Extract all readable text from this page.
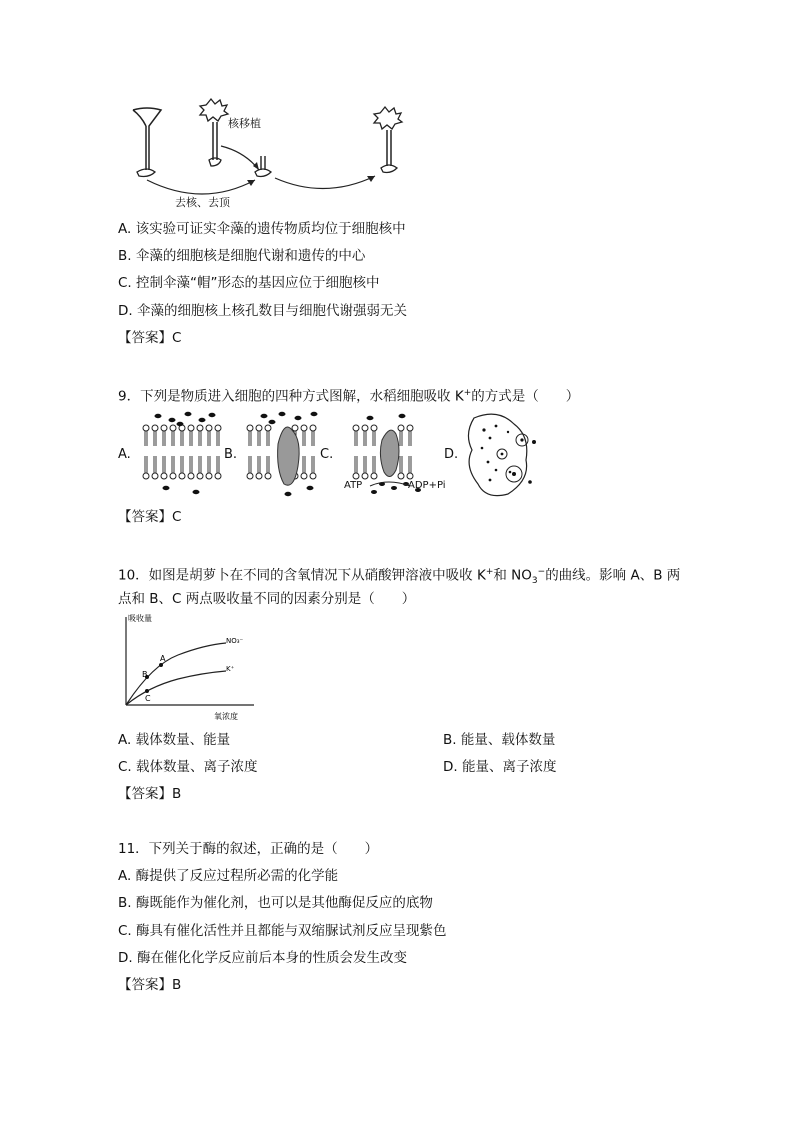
核移植
去核、去顶
A. 该实验可证实伞藻的遗传物质均位于细胞核中
B. 伞藻的细胞核是细胞代谢和遗传的中心
C. 控制伞藻“帽”形态的基因应位于细胞核中
D. 伞藻的细胞核上核孔数目与细胞代谢强弱无关
【答案】C
9．下列是物质进入细胞的四种方式图解，水稻细胞吸收 K+的方式是（　　）
A.	B.	C.	D.
ATP	ADP+Pi
【答案】C
10．如图是胡萝卜在不同的含氧情况下从硝酸钾溶液中吸收 K+和 $NO_3^-$的曲线。影响 A、B 两
点和 B、C 两点吸收量不同的因素分别是（　　）
吸收量
氧浓度
NO₃⁻
K⁺
A
B
C
A. 载体数量、能量	B. 能量、载体数量
C. 载体数量、离子浓度	D. 能量、离子浓度
【答案】B
11．下列关于酶的叙述，正确的是（　　）
A. 酶提供了反应过程所必需的化学能
B. 酶既能作为催化剂，也可以是其他酶促反应的底物
C. 酶具有催化活性并且都能与双缩脲试剂反应呈现紫色
D. 酶在催化化学反应前后本身的性质会发生改变
【答案】B
